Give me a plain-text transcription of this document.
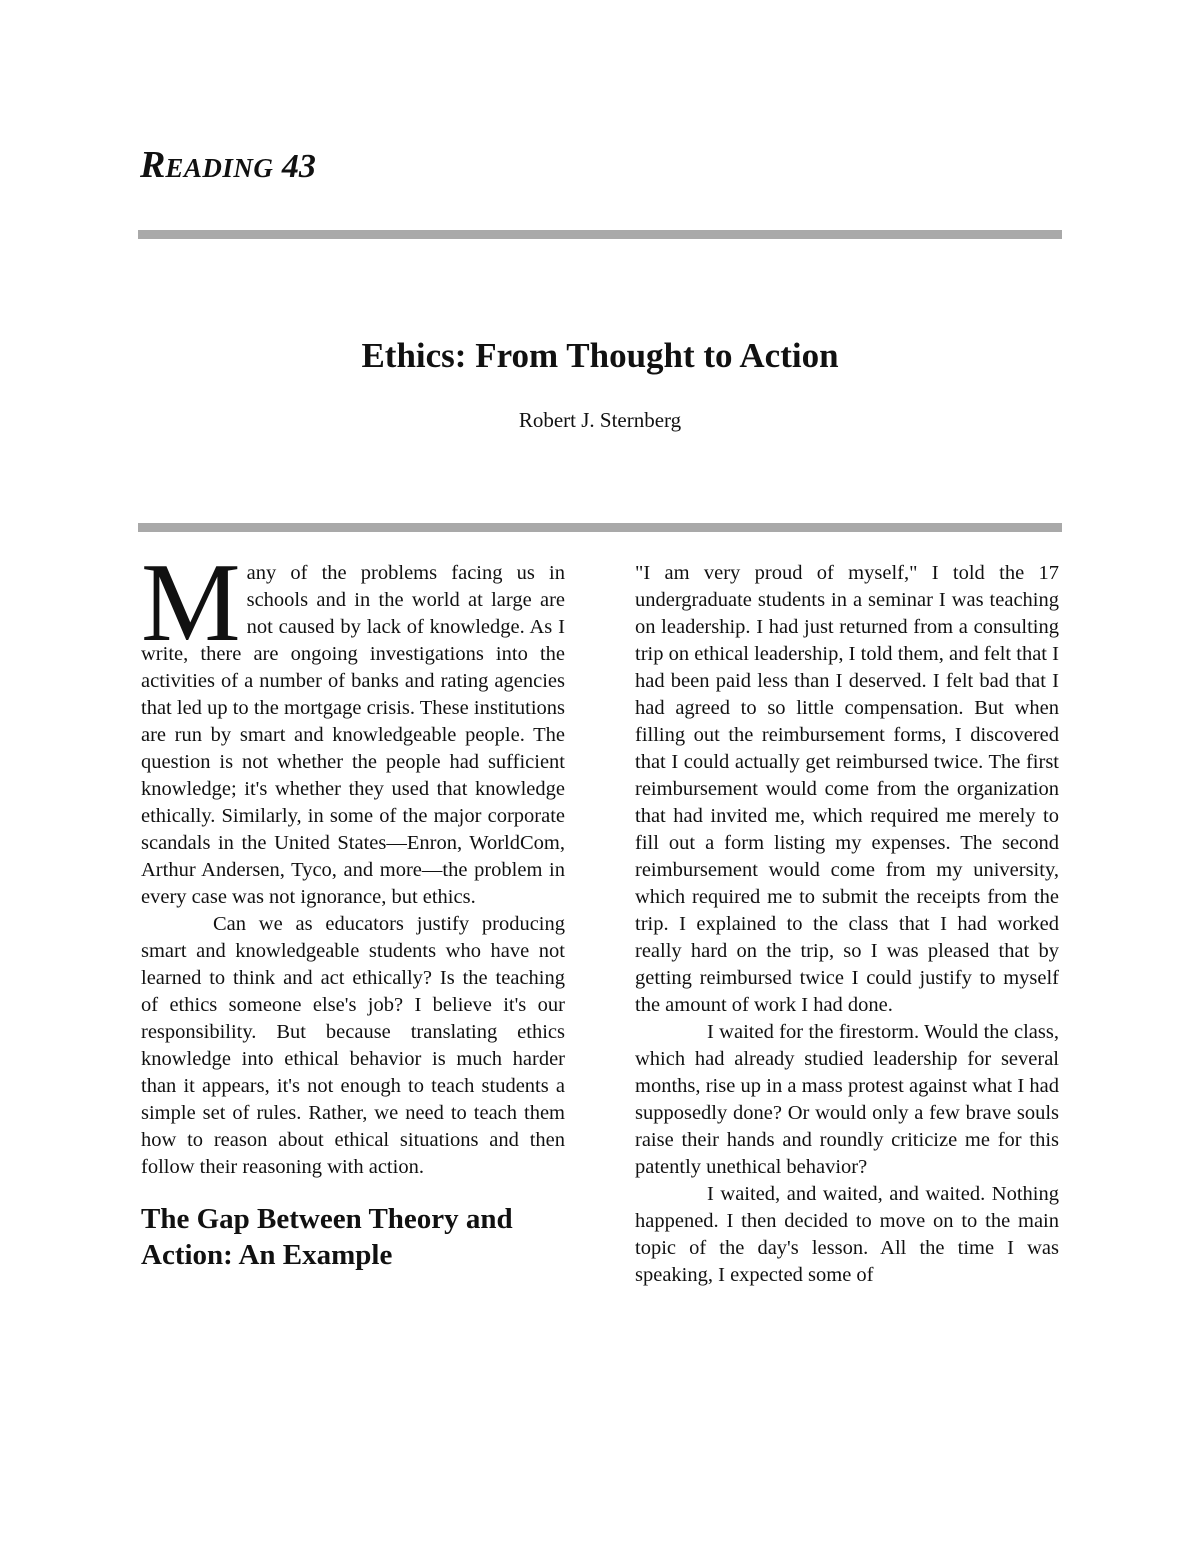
READING 43
Ethics: From Thought to Action

Robert J. Sternberg

Many of the problems facing us in schools and in the world at large are not caused by lack of knowledge. As I write, there are ongoing investigations into the activities of a number of banks and rating agencies that led up to the mortgage crisis. These institutions are run by smart and knowledgeable people. The question is not whether the people had sufficient knowledge; it's whether they used that knowledge ethically. Similarly, in some of the major corporate scandals in the United States—Enron, WorldCom, Arthur Andersen, Tyco, and more—the problem in every case was not ignorance, but ethics.

Can we as educators justify producing smart and knowledgeable students who have not learned to think and act ethically? Is the teaching of ethics someone else's job? I believe it's our responsibility. But because translating ethics knowledge into ethical behavior is much harder than it appears, it's not enough to teach students a simple set of rules. Rather, we need to teach them how to reason about ethical situations and then follow their reasoning with action.

The Gap Between Theory and Action: An Example

"I am very proud of myself," I told the 17 undergraduate students in a seminar I was teaching on leadership. I had just returned from a consulting trip on ethical leadership, I told them, and felt that I had been paid less than I deserved. I felt bad that I had agreed to so little compensation. But when filling out the reimbursement forms, I discovered that I could actually get reimbursed twice. The first reimbursement would come from the organization that had invited me, which required me merely to fill out a form listing my expenses. The second reimbursement would come from my university, which required me to submit the receipts from the trip. I explained to the class that I had worked really hard on the trip, so I was pleased that by getting reimbursed twice I could justify to myself the amount of work I had done.

I waited for the firestorm. Would the class, which had already studied leadership for several months, rise up in a mass protest against what I had supposedly done? Or would only a few brave souls raise their hands and roundly criticize me for this patently unethical behavior?

I waited, and waited, and waited. Nothing happened. I then decided to move on to the main topic of the day's lesson. All the time I was speaking, I expected some of
